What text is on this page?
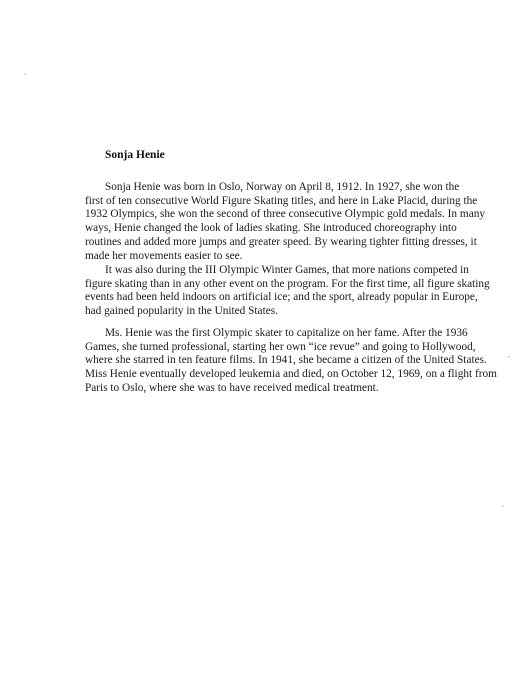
Sonja Henie

Sonja Henie was born in Oslo, Norway on April 8, 1912. In 1927, she won the
first of ten consecutive World Figure Skating titles, and here in Lake Placid, during the
1932 Olympics, she won the second of three consecutive Olympic gold medals. In many
ways, Henie changed the look of ladies skating. She introduced choreography into
routines and added more jumps and greater speed. By wearing tighter fitting dresses, it
made her movements easier to see.

It was also during the III Olympic Winter Games, that more nations competed in
figure skating than in any other event on the program. For the first time, all figure skating
events had been held indoors on artificial ice; and the sport, already popular in Europe,
had gained popularity in the United States.

Ms. Henie was the first Olympic skater to capitalize on her fame. After the 1936
Games, she turned professional, starting her own “ice revue” and going to Hollywood,
where she starred in ten feature films. In 1941, she became a citizen of the United States.
Miss Henie eventually developed leukemia and died, on October 12, 1969, on a flight from
Paris to Oslo, where she was to have received medical treatment.
